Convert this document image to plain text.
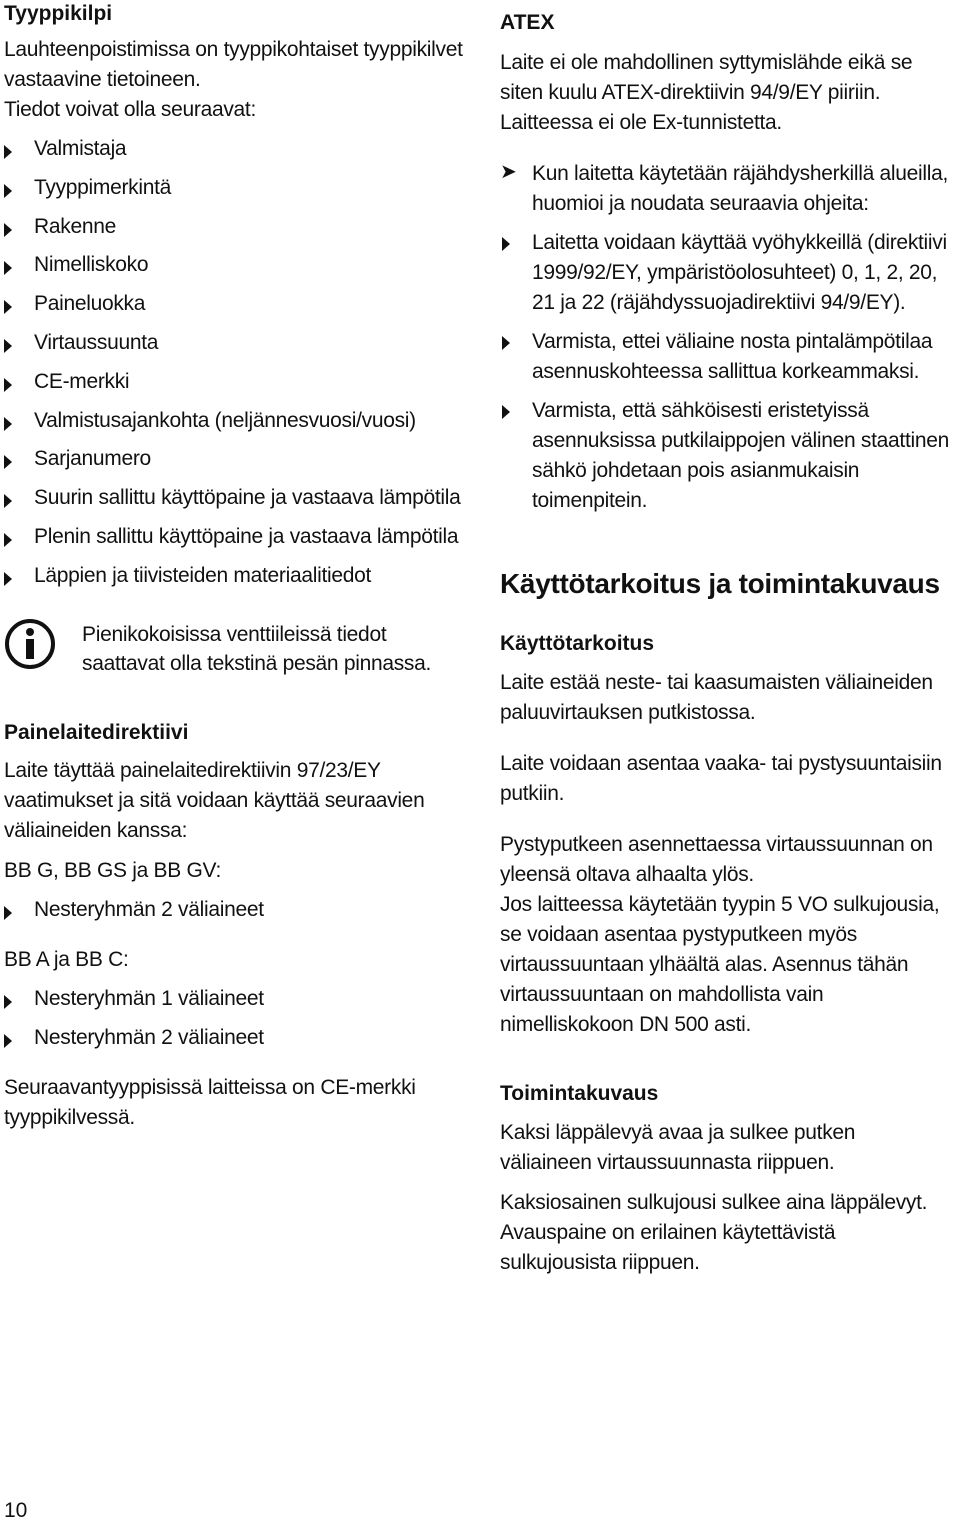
Tyyppikilpi

Lauhteenpoistimissa on tyyppikohtaiset tyyppikilvet vastaavine tietoineen.

Tiedot voivat olla seuraavat:

Valmistaja
Tyyppimerkintä
Rakenne
Nimelliskoko
Paineluokka
Virtaussuunta
CE-merkki
Valmistusajankohta (neljännesvuosi/vuosi)
Sarjanumero
Suurin sallittu käyttöpaine ja vastaava lämpötila
Plenin sallittu käyttöpaine ja vastaava lämpötila
Läppien ja tiivisteiden materiaalitiedot

Pienikokoisissa venttiileissä tiedot saattavat olla tekstinä pesän pinnassa.

Painelaitedirektiivi

Laite täyttää painelaitedirektiivin 97/23/EY vaatimukset ja sitä voidaan käyttää seuraavien väliaineiden kanssa:

BB G, BB GS ja BB GV:

Nesteryhmän 2 väliaineet

BB A ja BB C:

Nesteryhmän 1 väliaineet
Nesteryhmän 2 väliaineet

Seuraavantyyppisissä laitteissa on CE-merkki tyyppikilvessä.

ATEX

Laite ei ole mahdollinen syttymislähde eikä se siten kuulu ATEX-direktiivin 94/9/EY piiriin. Laitteessa ei ole Ex-tunnistetta.

➤ Kun laitetta käytetään räjähdysherkillä alueilla, huomioi ja noudata seuraavia ohjeita:

Laitetta voidaan käyttää vyöhykkeillä (direktiivi 1999/92/EY, ympäristöolosuhteet) 0, 1, 2, 20, 21 ja 22 (räjähdyssuojadirektiivi 94/9/EY).
Varmista, ettei väliaine nosta pintalämpötilaa asennuskohteessa sallittua korkeammaksi.
Varmista, että sähköisesti eristetyissä asennuksissa putkilaippojen välinen staattinen sähkö johdetaan pois asianmukaisin toimenpitein.
Käyttötarkoitus ja toimintakuvaus
Käyttötarkoitus

Laite estää neste- tai kaasumaisten väliaineiden paluuvirtauksen putkistossa.

Laite voidaan asentaa vaaka- tai pystysuuntaisiin putkiin.

Pystyputkeen asennettaessa virtaussuunnan on yleensä oltava alhaalta ylös.

Jos laitteessa käytetään tyypin 5 VO sulkujousia, se voidaan asentaa pystyputkeen myös virtaussuuntaan ylhäältä alas. Asennus tähän virtaussuuntaan on mahdollista vain nimelliskokoon DN 500 asti.

Toimintakuvaus

Kaksi läppälevyä avaa ja sulkee putken väliaineen virtaussuunnasta riippuen.

Kaksiosainen sulkujousi sulkee aina läppälevyt. Avauspaine on erilainen käytettävistä sulkujousista riippuen.

10
